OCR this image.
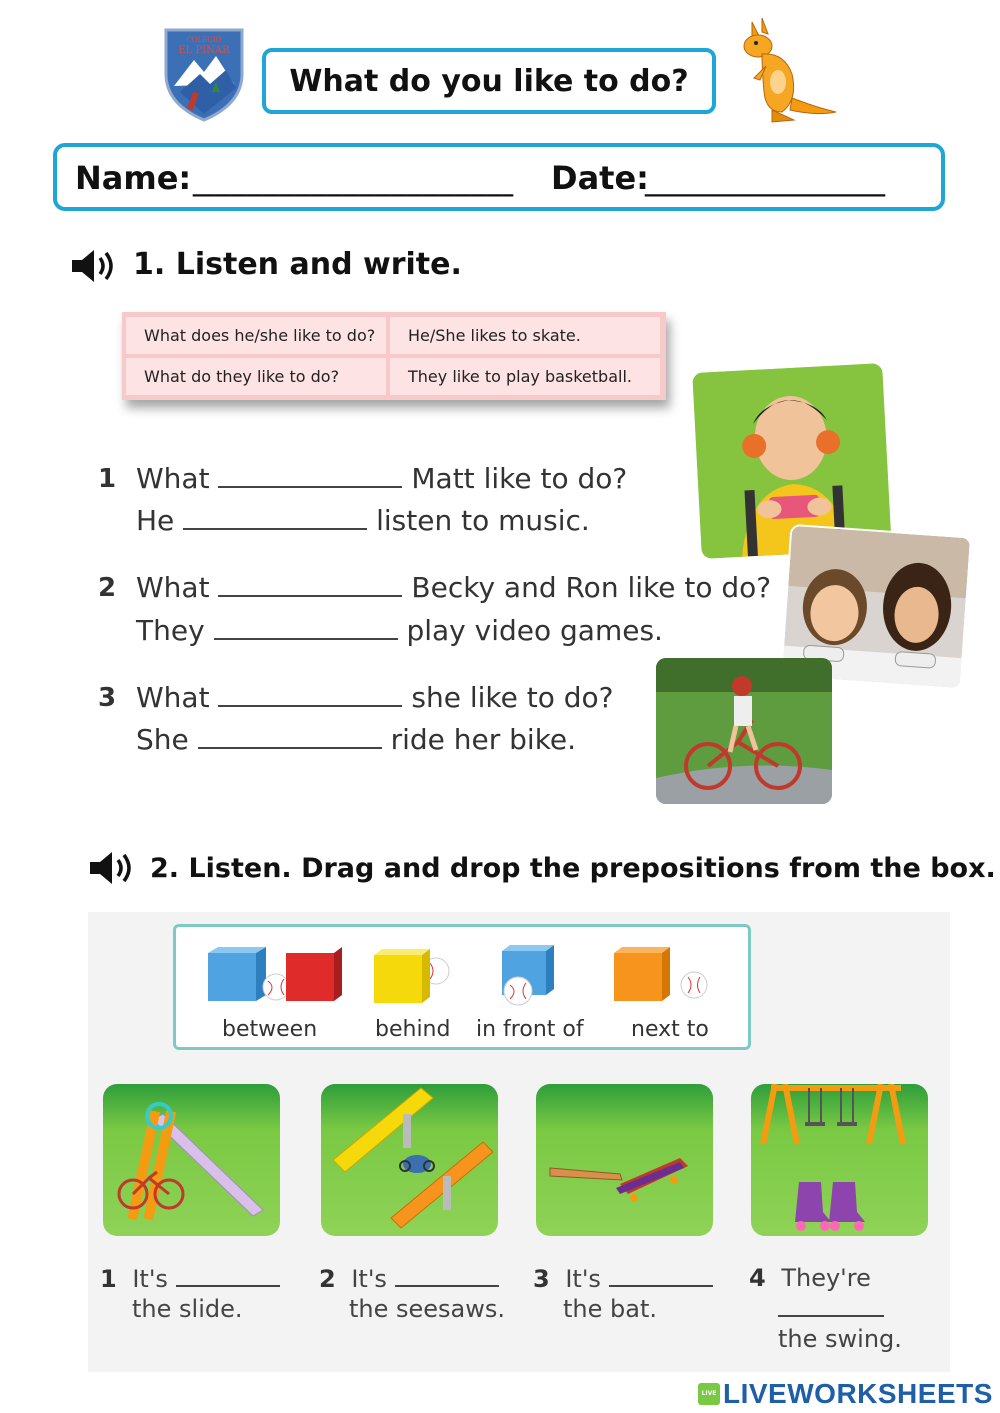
COLEGIO
EL PINAR
What do you like to do?
Name: ____________________ Date:
_______________
1. Listen and write.
What does he/she like to do?	He/She likes to skate.
What do they like to do?	They like to play basketball.
1 What	Matt like to do?
He	listen to music.
2 What	Becky and Ron like to do?
They	play video games.
3 What	she like to do?
She	ride her bike.
2. Listen. Drag and drop the prepositions from the box.
between	behind in front of next to
1 It's
the slide.
2 It's
the seesaws.
3 It's
the bat.
4 They're

the swing.
LIVE LIVEWORKSHEETS
